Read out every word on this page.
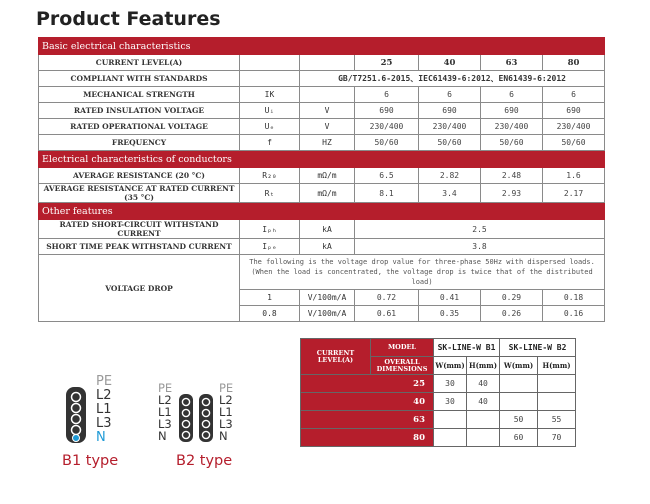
Product Features
Basic electrical characteristics						
CURRENT LEVEL(A)			25	40	63	80
COMPLIANT WITH STANDARDS		GB/T7251.6-2015、IEC61439-6:2012、EN61439-6:2012				
MECHANICAL STRENGTH	IK		6	6	6	6
RATED INSULATION VOLTAGE	Uᵢ	V	690	690	690	690
RATED OPERATIONAL VOLTAGE	Uₑ	V	230/400	230/400	230/400	230/400
FREQUENCY	f	HZ	50/60	50/60	50/60	50/60
Electrical characteristics of conductors						
AVERAGE RESISTANCE (20 °C)	R₂₀	mΩ/m	6.5	2.82	2.48	1.6
AVERAGE RESISTANCE AT RATED CURRENT (35 °C)	Rₜ	mΩ/m	8.1	3.4	2.93	2.17
Other features						
RATED SHORT-CIRCUIT WITHSTAND CURRENT	Iₚₕ	kA	2.5			
SHORT TIME PEAK WITHSTAND CURRENT	Iₚₑ	kA	3.8			
VOLTAGE DROP	The following is the voltage drop value for three-phase 50Hz with dispersed loads. (When the load is concentrated, the voltage drop is twice that of the distributed load)					
	1	V/100m/A	0.72	0.41	0.29	0.18
	0.8	V/100m/A	0.61	0.35	0.26	0.16
PE
L2
L1
L3
N
B1 type
PE
L2
L1
L3
N
PE
L2
L1
L3
N
B2 type
CURRENT LEVEL(A)	MODEL	SK-LINE-W B1		SK-LINE-W B2	
	OVERALL DIMENSIONS	W(mm)	H(mm)	W(mm)	H(mm)
25		30	40		
40		30	40		
63				50	55
80				60	70
